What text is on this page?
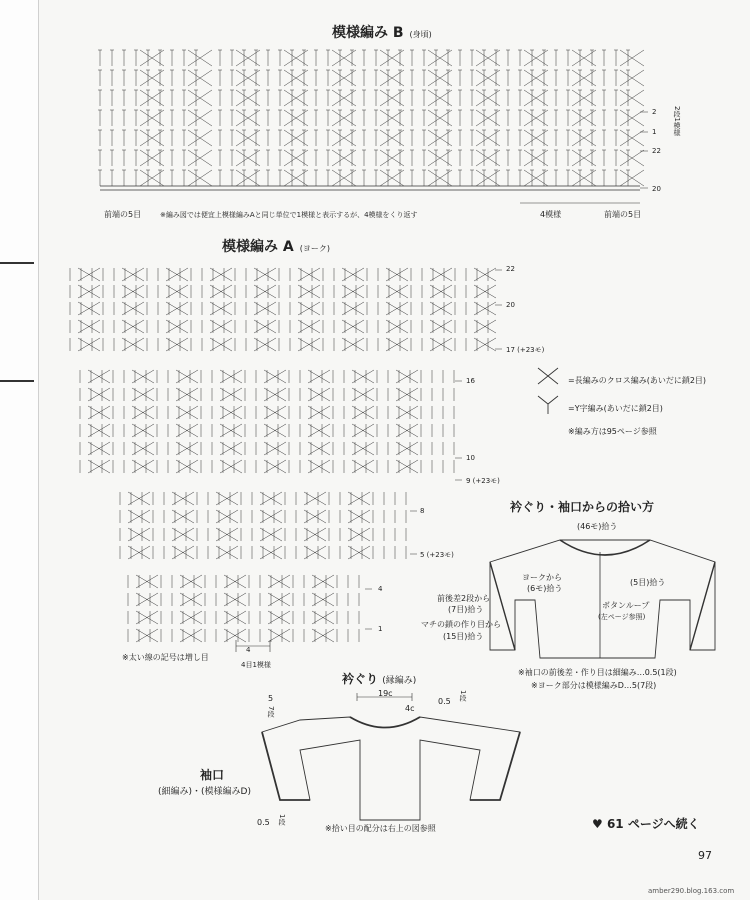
模様編み B (身頃)
前端の5目	※編み図では便宜上模様編みAと同じ単位で1模様と表示するが、4模様をくり返す	4模様	前端の5目
2
1
22
20
2段1模様
模様編み A (ヨーク)
22
20
17 (+23モ)
16
10
9 (+23モ)
8
5 (+23モ)
4
1
※太い線の記号は増し目
4
4目1模様
=長編みのクロス編み(あいだに鎖2目)
=Y字編み(あいだに鎖2目)
※編み方は95ページ参照
衿ぐり・袖口からの拾い方
(46モ)拾う
ヨークから
(6モ)拾う
(5目)拾う
前後差2段から
(7目)拾う
マチの鎖の作り目から
(15目)拾う
ボタンループ
(左ページ参照)
※袖口の前後差・作り目は細編み…0.5(1段)
※ヨーク部分は模様編みD…5(7段)
衿ぐり (縁編み)
19c
4c
0.5
1段
5
7段
袖口
(細編み)・(模様編みD)
0.5 1段
※拾い目の配分は右上の図参照	♥ 61 ページへ続く
97
amber290.blog.163.com
